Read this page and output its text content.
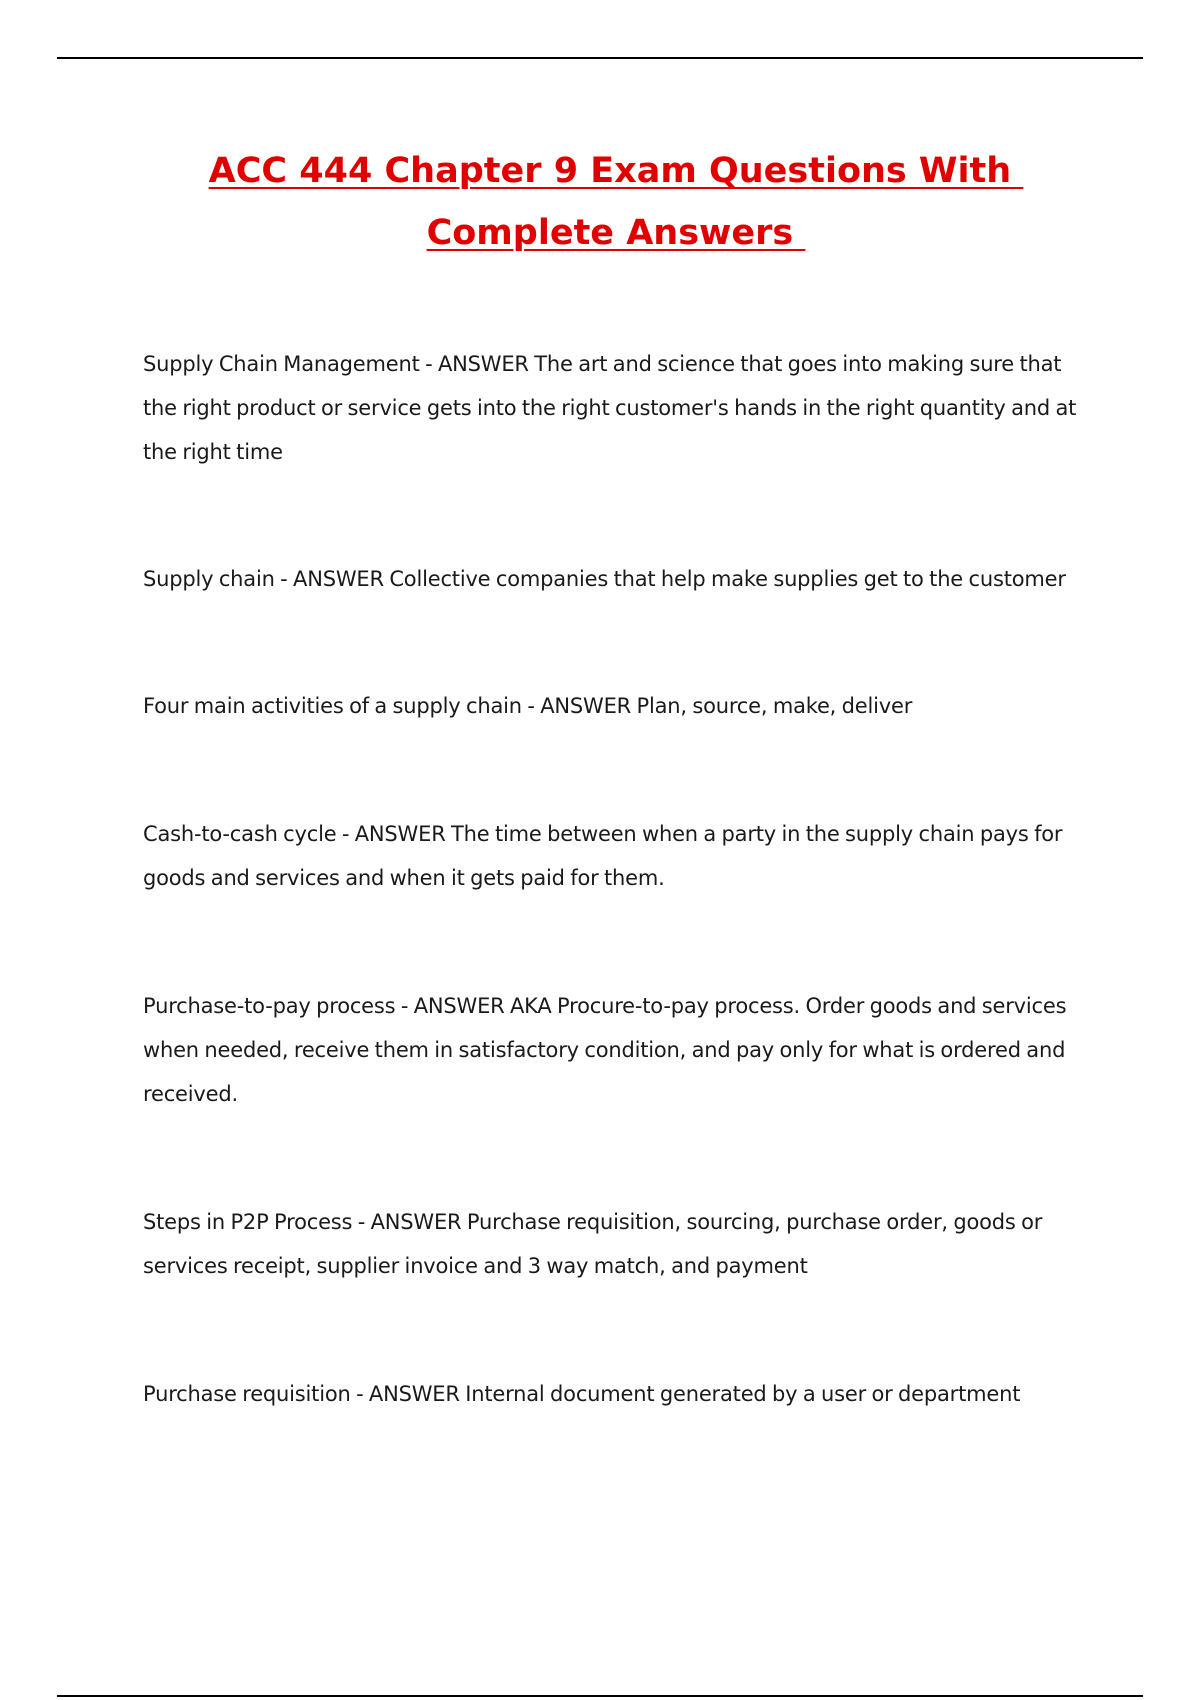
ACC 444 Chapter 9 Exam Questions With
Complete Answers

Supply Chain Management - ANSWER The art and science that goes into making sure that the right product or service gets into the right customer's hands in the right quantity and at the right time

Supply chain - ANSWER Collective companies that help make supplies get to the customer

Four main activities of a supply chain - ANSWER Plan, source, make, deliver

Cash-to-cash cycle - ANSWER The time between when a party in the supply chain pays for goods and services and when it gets paid for them.

Purchase-to-pay process - ANSWER AKA Procure-to-pay process. Order goods and services when needed, receive them in satisfactory condition, and pay only for what is ordered and received.

Steps in P2P Process - ANSWER Purchase requisition, sourcing, purchase order, goods or services receipt, supplier invoice and 3 way match, and payment

Purchase requisition - ANSWER Internal document generated by a user or department
